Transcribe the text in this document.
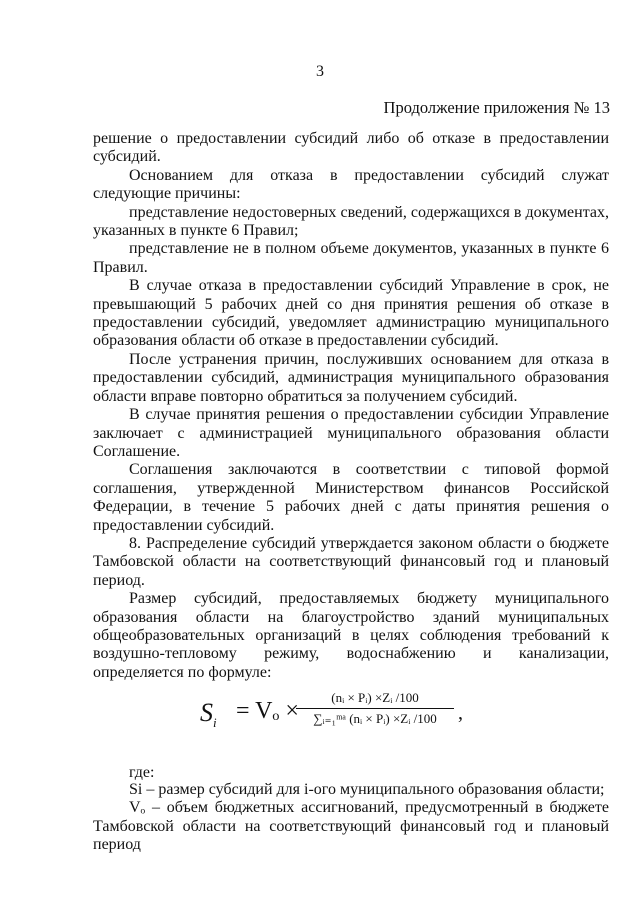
3
Продолжение приложения № 13

решение о предоставлении субсидий либо об отказе в предоставлении субсидий.

Основанием для отказа в предоставлении субсидий служат следующие причины:

представление недостоверных сведений, содержащихся в документах, указанных в пункте 6 Правил;

представление не в полном объеме документов, указанных в пункте 6 Правил.

В случае отказа в предоставлении субсидий Управление в срок, не превышающий 5 рабочих дней со дня принятия решения об отказе в предоставлении субсидий, уведомляет администрацию муниципального образования области об отказе в предоставлении субсидий.

После устранения причин, послуживших основанием для отказа в предоставлении субсидий, администрация муниципального образования области вправе повторно обратиться за получением субсидий.

В случае принятия решения о предоставлении субсидии Управление заключает с администрацией муниципального образования области Соглашение.

Соглашения заключаются в соответствии с типовой формой соглашения, утвержденной Министерством финансов Российской Федерации, в течение 5 рабочих дней с даты принятия решения о предоставлении субсидий.

8. Распределение субсидий утверждается законом области о бюджете Тамбовской области на соответствующий финансовый год и плановый период.

Размер субсидий, предоставляемых бюджету муниципального образования области на благоустройство зданий муниципальных общеобразовательных организаций в целях соблюдения требований к воздушно-тепловому режиму, водоснабжению и канализации, определяется по формуле:

$S_i = V_o$ ×
(nᵢ × Pᵢ) ×Zᵢ /100
∑ᵢ₌₁ᵐᵃ (nᵢ × Pᵢ) ×Zᵢ /100	,
где:

Si – размер субсидий для i-ого муниципального образования области;

Vₒ – объем бюджетных ассигнований, предусмотренный в бюджете Тамбовской области на соответствующий финансовый год и плановый период
